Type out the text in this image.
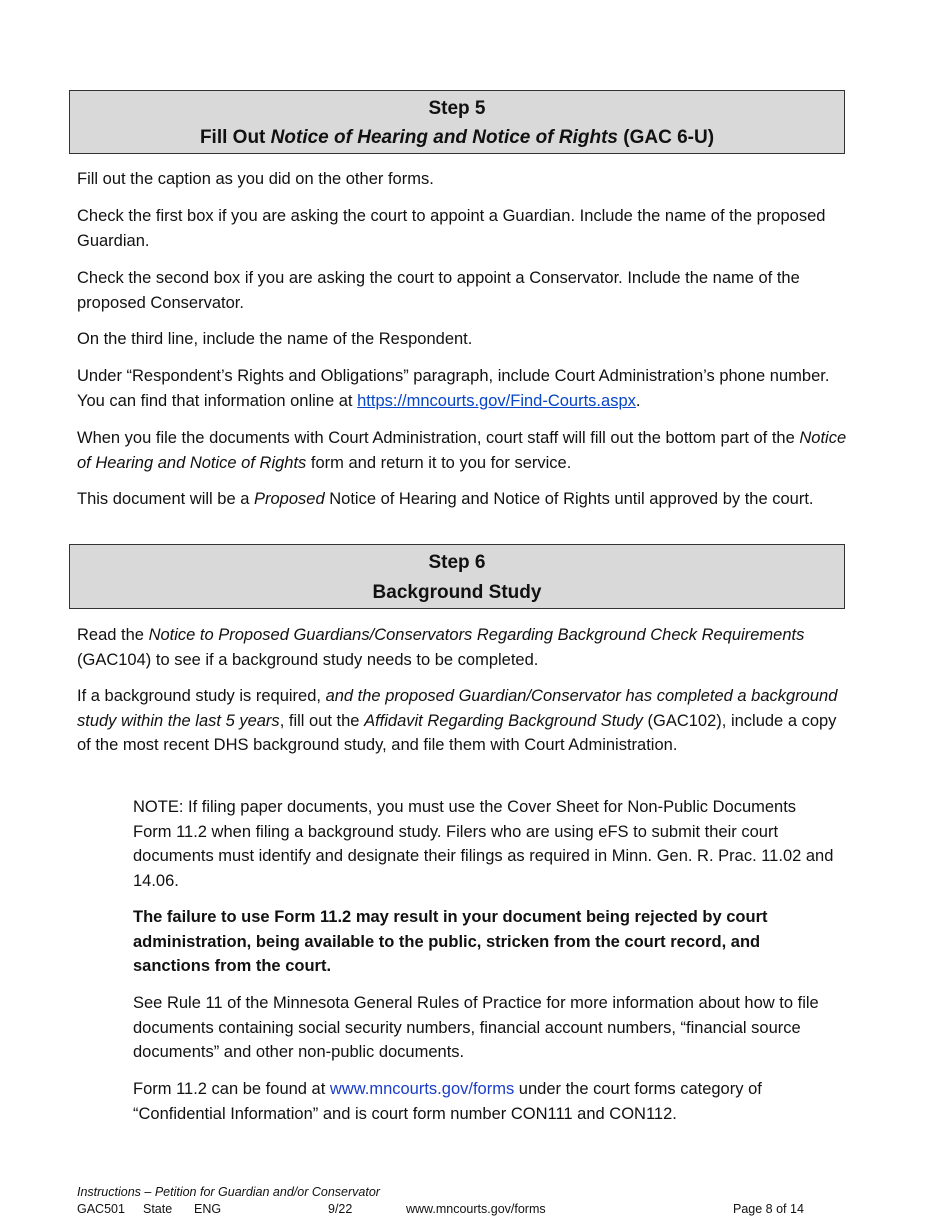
Step 5
Fill Out Notice of Hearing and Notice of Rights (GAC 6-U)

Fill out the caption as you did on the other forms.

Check the first box if you are asking the court to appoint a Guardian. Include the name of the proposed Guardian.

Check the second box if you are asking the court to appoint a Conservator. Include the name of the proposed Conservator.

On the third line, include the name of the Respondent.

Under “Respondent’s Rights and Obligations” paragraph, include Court Administration’s phone number. You can find that information online at https://mncourts.gov/Find-Courts.aspx.

When you file the documents with Court Administration, court staff will fill out the bottom part of the Notice of Hearing and Notice of Rights form and return it to you for service.

This document will be a Proposed Notice of Hearing and Notice of Rights until approved by the court.

Step 6
Background Study

Read the Notice to Proposed Guardians/Conservators Regarding Background Check Requirements (GAC104) to see if a background study needs to be completed.

If a background study is required, and the proposed Guardian/Conservator has completed a background study within the last 5 years, fill out the Affidavit Regarding Background Study (GAC102), include a copy of the most recent DHS background study, and file them with Court Administration.

NOTE: If filing paper documents, you must use the Cover Sheet for Non-Public Documents Form 11.2 when filing a background study. Filers who are using eFS to submit their court documents must identify and designate their filings as required in Minn. Gen. R. Prac. 11.02 and 14.06.

The failure to use Form 11.2 may result in your document being rejected by court administration, being available to the public, stricken from the court record, and sanctions from the court.

See Rule 11 of the Minnesota General Rules of Practice for more information about how to file documents containing social security numbers, financial account numbers, “financial source documents” and other non-public documents.

Form 11.2 can be found at www.mncourts.gov/forms under the court forms category of “Confidential Information” and is court form number CON111 and CON112.

Instructions – Petition for Guardian and/or Conservator
GAC501 State ENG	9/22	www.mncourts.gov/forms	Page 8 of 14
